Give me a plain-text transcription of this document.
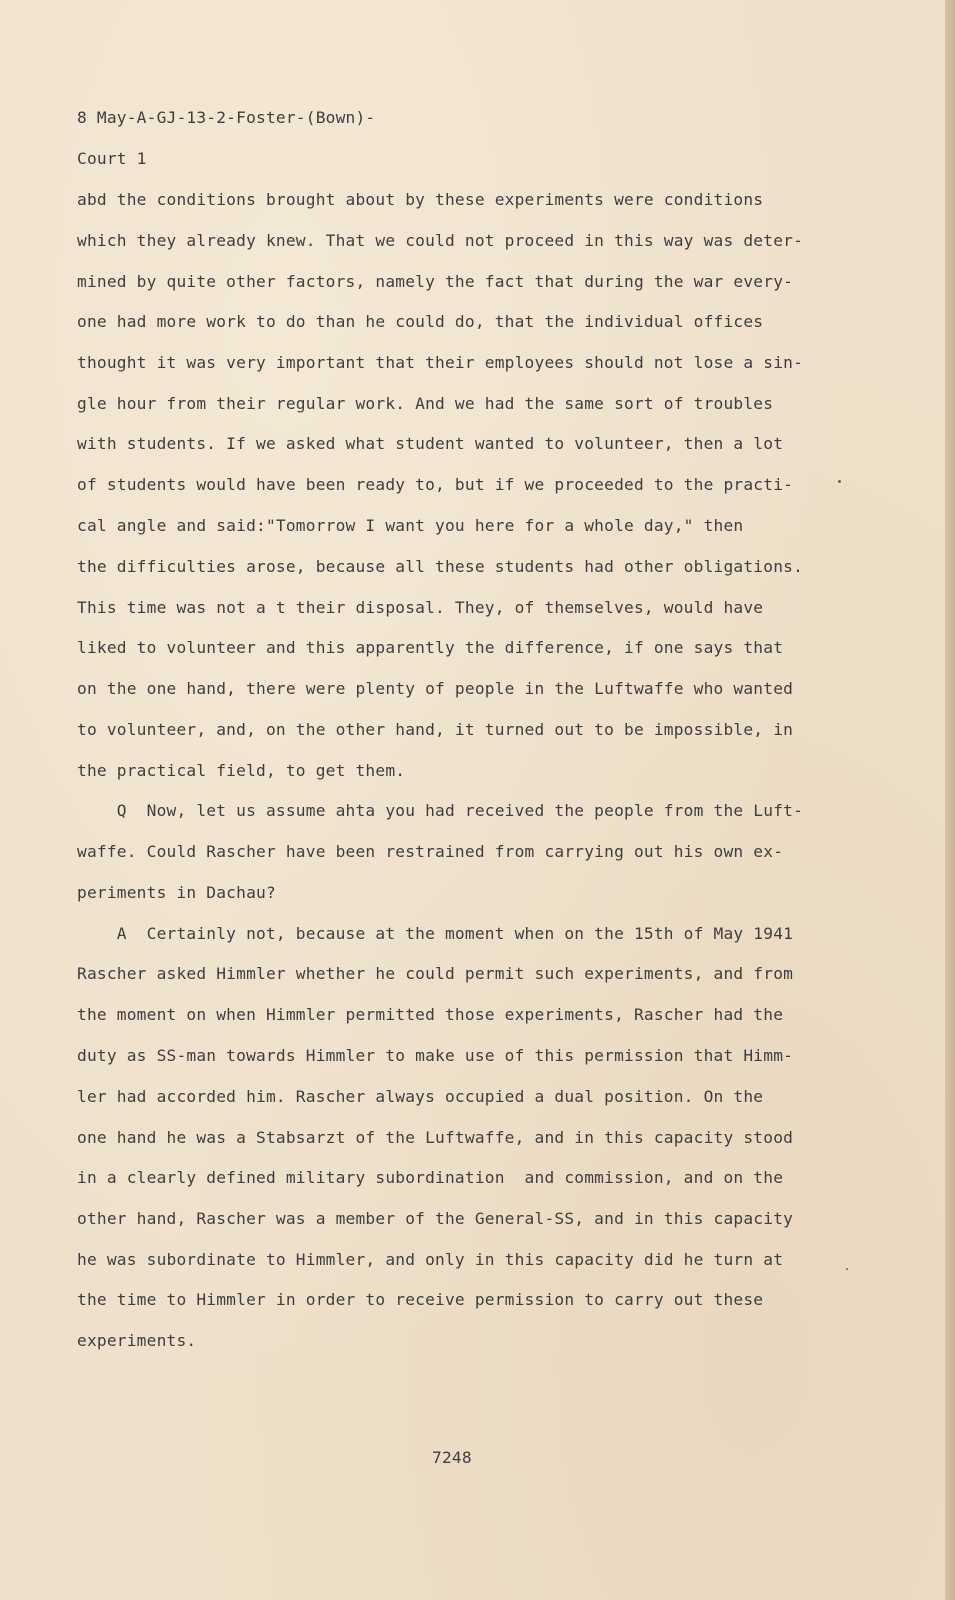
8 May-A-GJ-13-2-Foster-(Bown)-
Court 1
abd the conditions brought about by these experiments were conditions
which they already knew. That we could not proceed in this way was deter-
mined by quite other factors, namely the fact that during the war every-
one had more work to do than he could do, that the individual offices
thought it was very important that their employees should not lose a sin-
gle hour from their regular work. And we had the same sort of troubles
with students. If we asked what student wanted to volunteer, then a lot
of students would have been ready to, but if we proceeded to the practi-
cal angle and said:"Tomorrow I want you here for a whole day," then
the difficulties arose, because all these students had other obligations.
This time was not a t their disposal. They, of themselves, would have
liked to volunteer and this apparently the difference, if one says that
on the one hand, there were plenty of people in the Luftwaffe who wanted
to volunteer, and, on the other hand, it turned out to be impossible, in
the practical field, to get them.
Q  Now, let us assume ahta you had received the people from the Luft-
waffe. Could Rascher have been restrained from carrying out his own ex-
periments in Dachau?
A  Certainly not, because at the moment when on the 15th of May 1941
Rascher asked Himmler whether he could permit such experiments, and from
the moment on when Himmler permitted those experiments, Rascher had the
duty as SS-man towards Himmler to make use of this permission that Himm-
ler had accorded him. Rascher always occupied a dual position. On the
one hand he was a Stabsarzt of the Luftwaffe, and in this capacity stood
in a clearly defined military subordination  and commission, and on the
other hand, Rascher was a member of the General-SS, and in this capacity
he was subordinate to Himmler, and only in this capacity did he turn at
the time to Himmler in order to receive permission to carry out these
experiments.
7248
